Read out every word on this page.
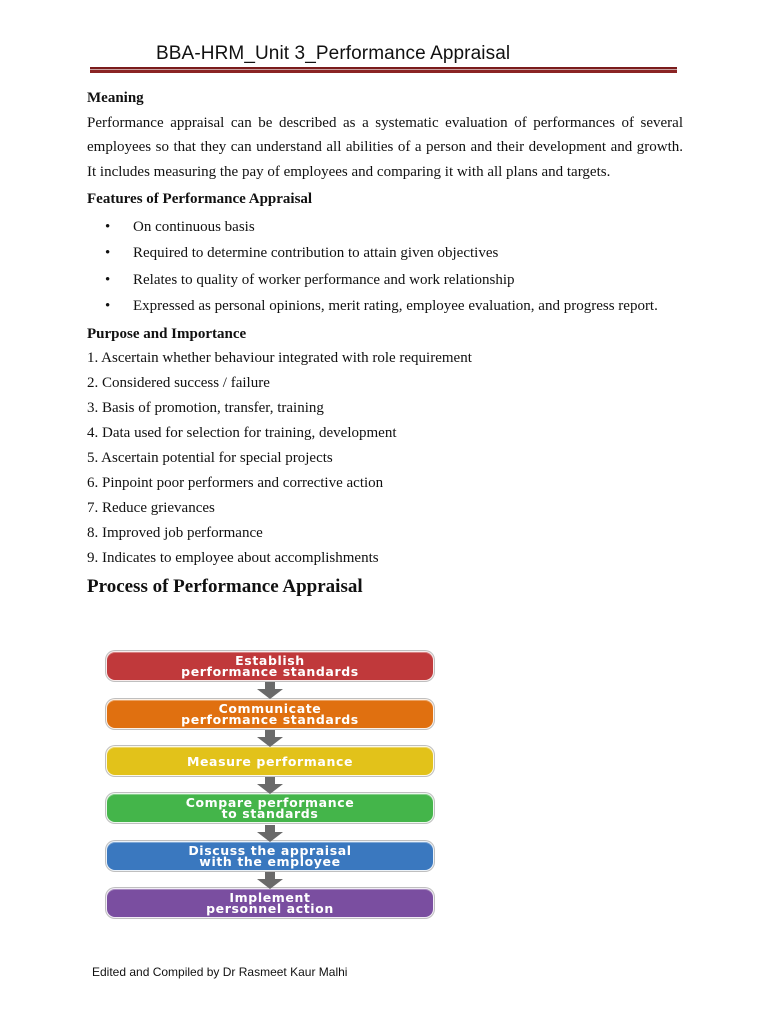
BBA-HRM_Unit 3_Performance Appraisal

Meaning

Performance appraisal can be described as a systematic evaluation of performances of several employees so that they can understand all abilities of a person and their development and growth. It includes measuring the pay of employees and comparing it with all plans and targets.

Features of Performance Appraisal

• On continuous basis
• Required to determine contribution to attain given objectives
• Relates to quality of worker performance and work relationship
• Expressed as personal opinions, merit rating, employee evaluation, and progress report.

Purpose and Importance

1. Ascertain whether behaviour integrated with role requirement
2. Considered success / failure
3. Basis of promotion, transfer, training
4. Data used for selection for training, development
5. Ascertain potential for special projects
6. Pinpoint poor performers and corrective action
7. Reduce grievances
8. Improved job performance
9. Indicates to employee about accomplishments
Process of Performance Appraisal
Establish
performance standards
Communicate
performance standards
Measure performance
Compare performance
to standards
Discuss the appraisal
with the employee
Implement
personnel action
Edited and Compiled by Dr Rasmeet Kaur Malhi
